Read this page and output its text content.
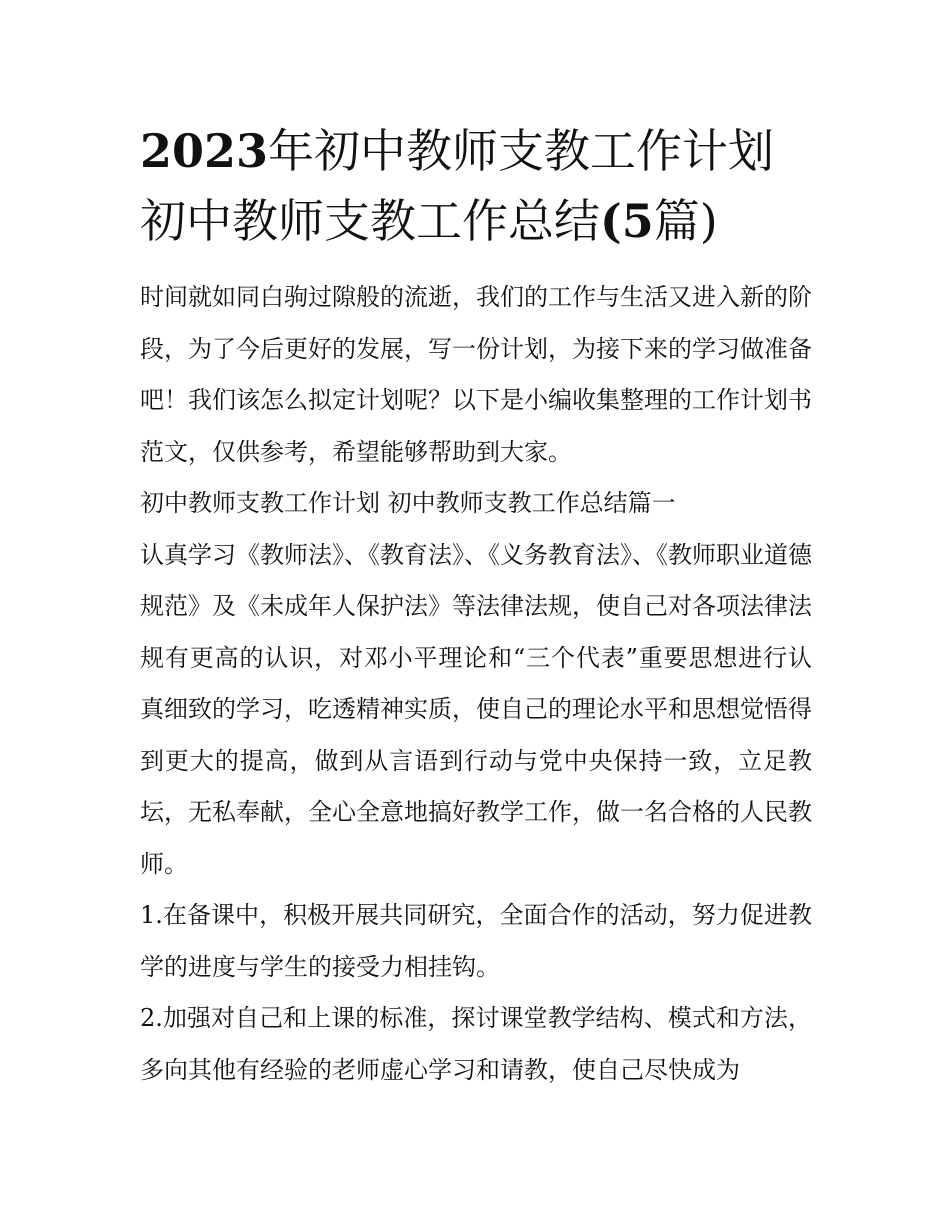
2023年初中教师支教工作计划
初中教师支教工作总结(5篇)

时间就如同白驹过隙般的流逝，我们的工作与生活又进入新的阶段，为了今后更好的发展，写一份计划，为接下来的学习做准备吧！我们该怎么拟定计划呢？以下是小编收集整理的工作计划书范文，仅供参考，希望能够帮助到大家。

初中教师支教工作计划 初中教师支教工作总结篇一

认真学习《教师法》、《教育法》、《义务教育法》、《教师职业道德规范》及《未成年人保护法》等法律法规，使自己对各项法律法规有更高的认识，对邓小平理论和“三个代表”重要思想进行认真细致的学习，吃透精神实质，使自己的理论水平和思想觉悟得到更大的提高，做到从言语到行动与党中央保持一致，立足教坛，无私奉献，全心全意地搞好教学工作，做一名合格的人民教师。

1.在备课中，积极开展共同研究，全面合作的活动，努力促进教学的进度与学生的接受力相挂钩。

2.加强对自己和上课的标准，探讨课堂教学结构、模式和方法，多向其他有经验的老师虚心学习和请教，使自己尽快成为
